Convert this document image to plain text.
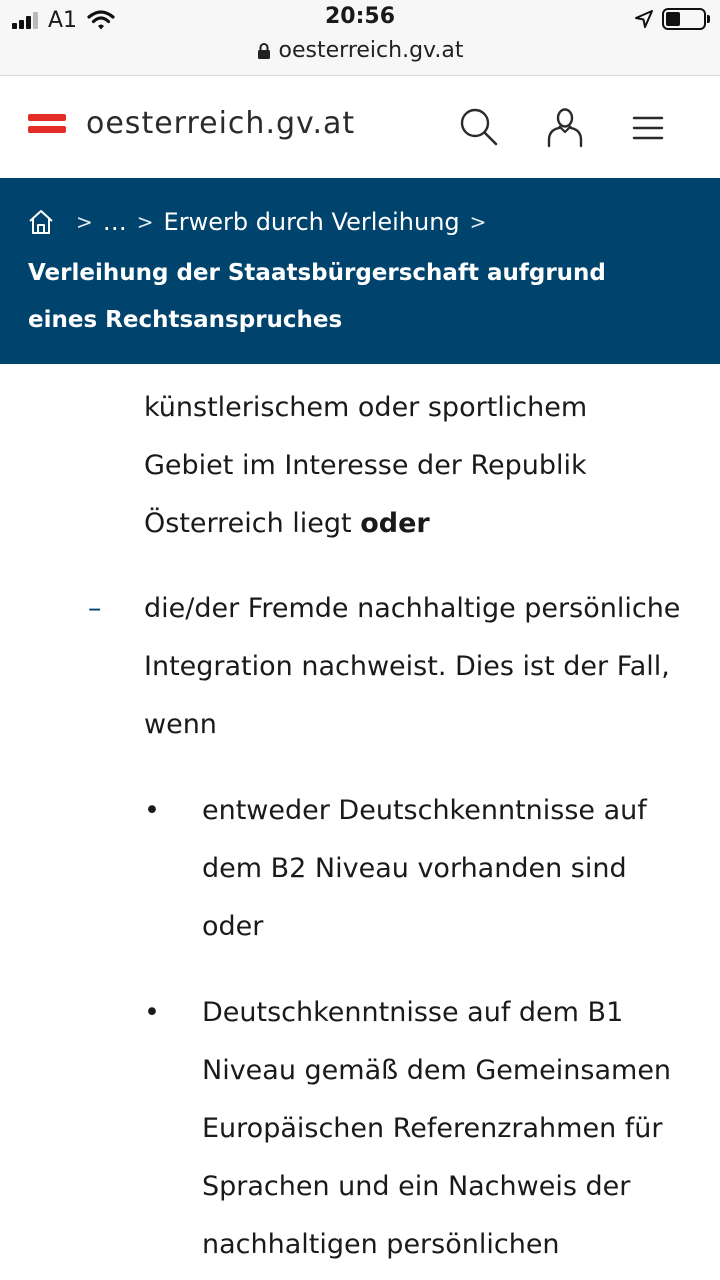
A1	20:56
oesterreich.gv.at
oesterreich.gv.at
> … > Erwerb durch Verleihung >
Verleihung der Staatsbürgerschaft aufgrund eines Rechtsanspruches
künstlerischem oder sportlichem Gebiet im Interesse der Republik Österreich liegt oder
– die/der Fremde nachhaltige persönliche Integration nachweist. Dies ist der Fall, wenn
• entweder Deutschkenntnisse auf dem B2 Niveau vorhanden sind oder
• Deutschkenntnisse auf dem B1 Niveau gemäß dem Gemeinsamen Europäischen Referenzrahmen für Sprachen und ein Nachweis der nachhaltigen persönlichen
